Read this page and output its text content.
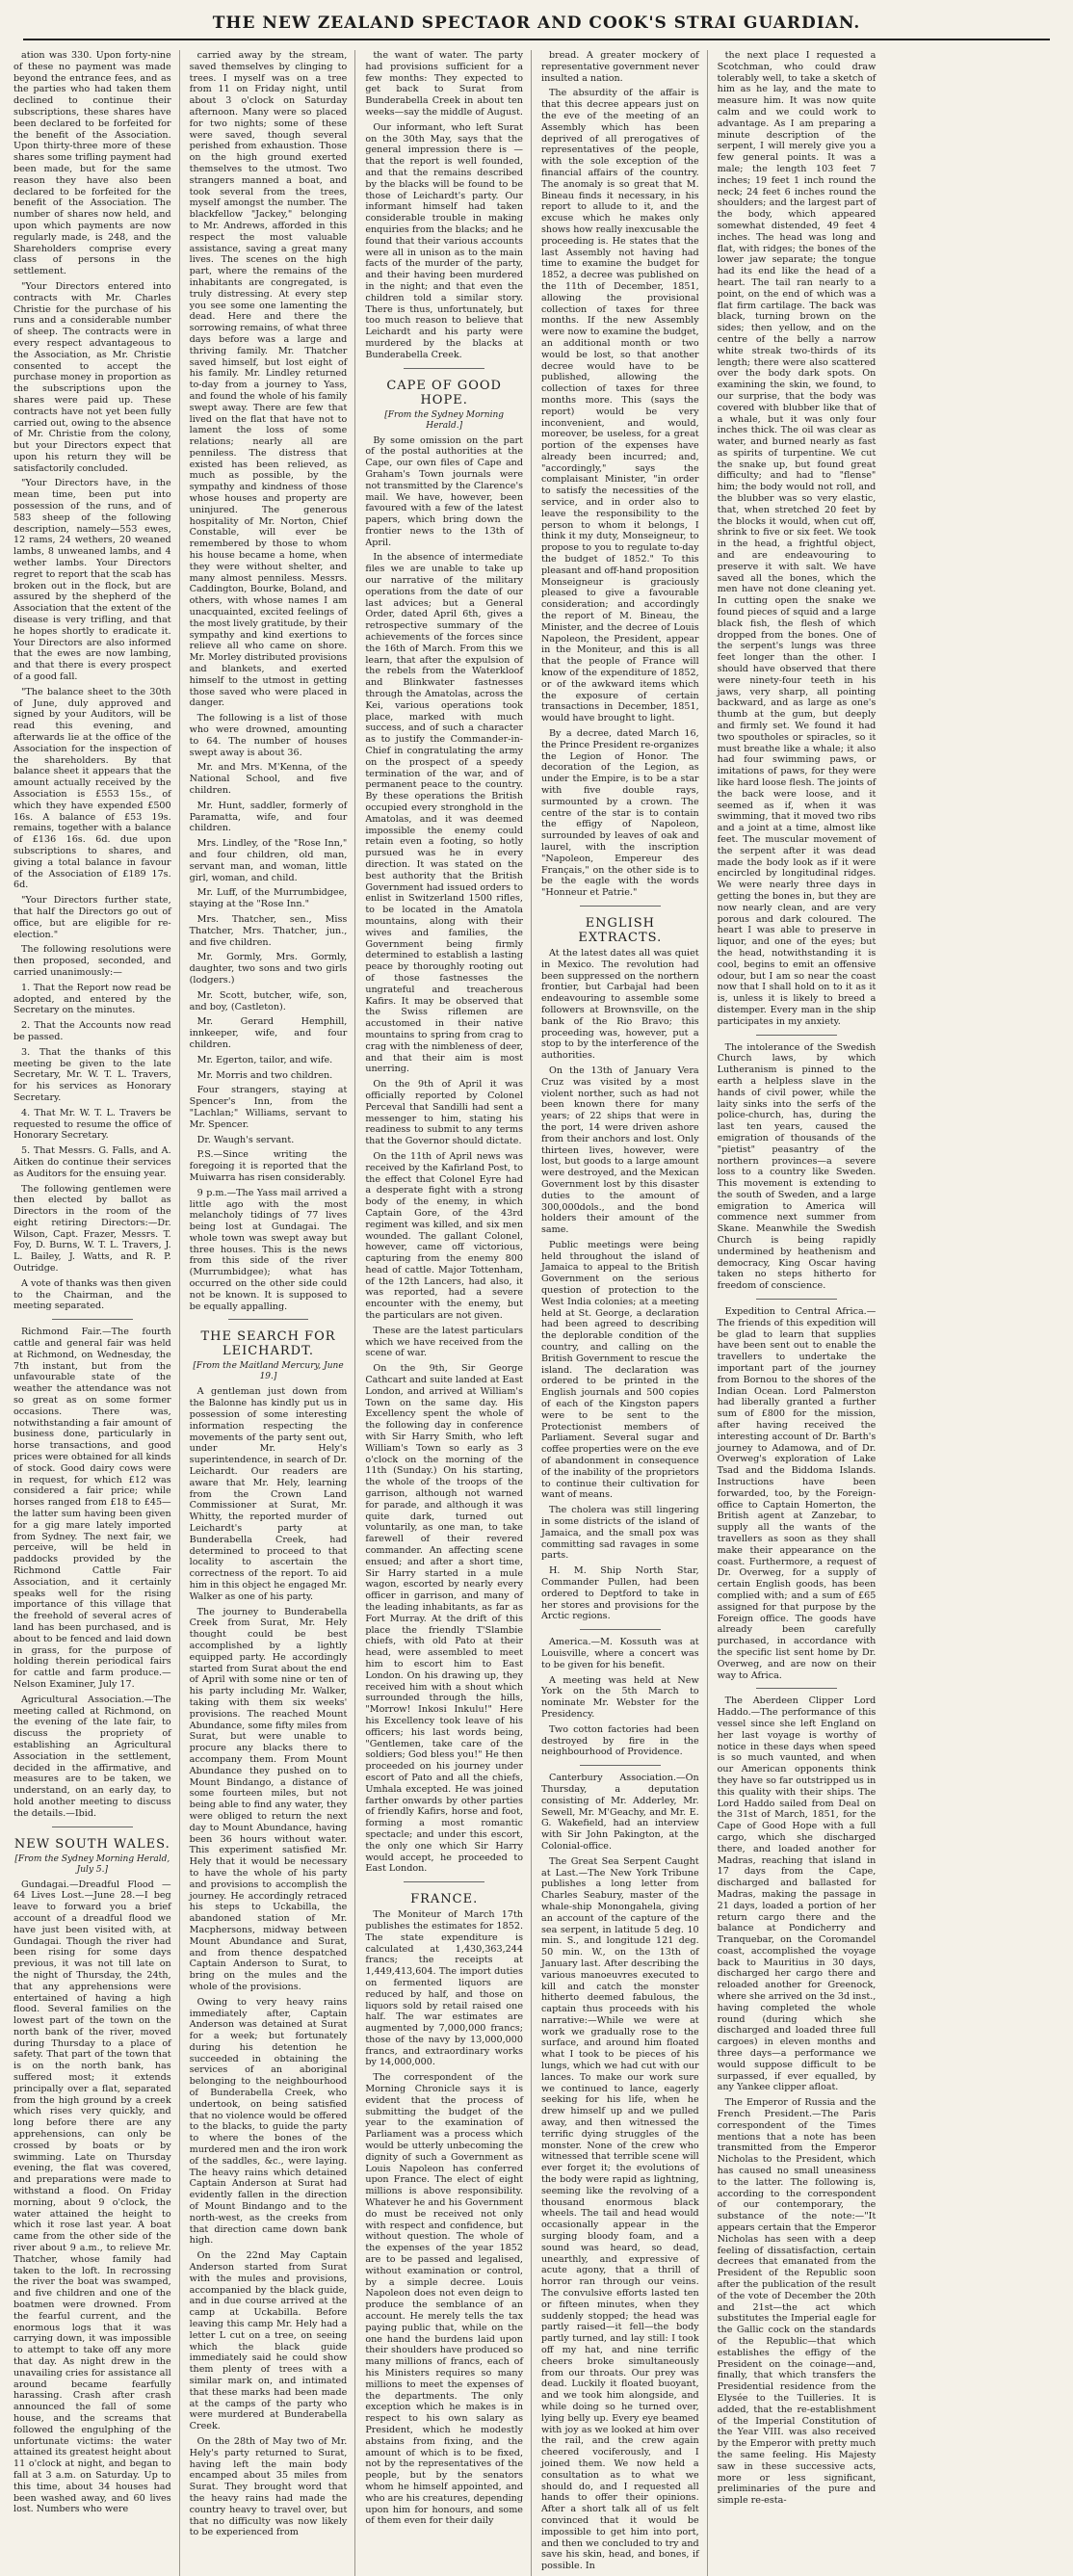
THE NEW ZEALAND SPECTAOR AND COOK'S STRAI GUARDIAN.

ation was 330. Upon forty-nine of these no payment was made beyond the entrance fees, and as the parties who had taken them declined to continue their subscriptions, these shares have been declared to be forfeited for the benefit of the Association. Upon thirty-three more of these shares some trifling payment had been made, but for the same reason they have also been declared to be forfeited for the benefit of the Association. The number of shares now held, and upon which payments are now regularly made, is 248, and the Shareholders comprise every class of persons in the settlement.

"Your Directors entered into contracts with Mr. Charles Christie for the purchase of his runs and a considerable number of sheep. The contracts were in every respect advantageous to the Association, as Mr. Christie consented to accept the purchase money in proportion as the subscriptions upon the shares were paid up. These contracts have not yet been fully carried out, owing to the absence of Mr. Christie from the colony, but your Directors expect that upon his return they will be satisfactorily concluded.

"Your Directors have, in the mean time, been put into possession of the runs, and of 583 sheep of the following description, namely—553 ewes, 12 rams, 24 wethers, 20 weaned lambs, 8 unweaned lambs, and 4 wether lambs. Your Directors regret to report that the scab has broken out in the flock, but are assured by the shepherd of the Association that the extent of the disease is very trifling, and that he hopes shortly to eradicate it. Your Directors are also informed that the ewes are now lambing, and that there is every prospect of a good fall.

"The balance sheet to the 30th of June, duly approved and signed by your Auditors, will be read this evening, and afterwards lie at the office of the Association for the inspection of the shareholders. By that balance sheet it appears that the amount actually received by the Association is £553 15s., of which they have expended £500 16s. A balance of £53 19s. remains, together with a balance of £136 16s. 6d. due upon subscriptions to shares, and giving a total balance in favour of the Association of £189 17s. 6d.

"Your Directors further state, that half the Directors go out of office, but are eligible for re-election."

The following resolutions were then proposed, seconded, and carried unanimously:—

1. That the Report now read be adopted, and entered by the Secretary on the minutes.

2. That the Accounts now read be passed.

3. That the thanks of this meeting be given to the late Secretary, Mr. W. T. L. Travers, for his services as Honorary Secretary.

4. That Mr. W. T. L. Travers be requested to resume the office of Honorary Secretary.

5. That Messrs. G. Falls, and A. Aitken do continue their services as Auditors for the ensuing year.

The following gentlemen were then elected by ballot as Directors in the room of the eight retiring Directors:—Dr. Wilson, Capt. Frazer, Messrs. T. Foy, D. Burns, W. T. L. Travers, J. L. Bailey, J. Watts, and R. P. Outridge.

A vote of thanks was then given to the Chairman, and the meeting separated.

Richmond Fair.—The fourth cattle and general fair was held at Richmond, on Wednesday, the 7th instant, but from the unfavourable state of the weather the attendance was not so great as on some former occasions. There was, notwithstanding a fair amount of business done, particularly in horse transactions, and good prices were obtained for all kinds of stock. Good dairy cows were in request, for which £12 was considered a fair price; while horses ranged from £18 to £45—the latter sum having been given for a gig mare lately imported from Sydney. The next fair, we perceive, will be held in paddocks provided by the Richmond Cattle Fair Association, and it certainly speaks well for the rising importance of this village that the freehold of several acres of land has been purchased, and is about to be fenced and laid down in grass, for the purpose of holding therein periodical fairs for cattle and farm produce.—Nelson Examiner, July 17.

Agricultural Association.—The meeting called at Richmond, on the evening of the late fair, to discuss the propriety of establishing an Agricultural Association in the settlement, decided in the affirmative, and measures are to be taken, we understand, on an early day, to hold another meeting to discuss the details.—Ibid.

NEW SOUTH WALES.
[From the Sydney Morning Herald, July 5.]

Gundagai.—Dreadful Flood — 64 Lives Lost.—June 28.—I beg leave to forward you a brief account of a dreadful flood we have just been visited with, at Gundagai. Though the river had been rising for some days previous, it was not till late on the night of Thursday, the 24th, that any apprehensions were entertained of having a high flood. Several families on the lowest part of the town on the north bank of the river, moved during Thursday to a place of safety. That part of the town that is on the north bank, has suffered most; it extends principally over a flat, separated from the high ground by a creek which rises very quickly, and long before there are any apprehensions, can only be crossed by boats or by swimming. Late on Thursday evening, the flat was covered, and preparations were made to withstand a flood. On Friday morning, about 9 o'clock, the water attained the height to which it rose last year. A boat came from the other side of the river about 9 a.m., to relieve Mr. Thatcher, whose family had taken to the loft. In recrossing the river the boat was swamped, and five children and one of the boatmen were drowned. From the fearful current, and the enormous logs that it was carrying down, it was impossible to attempt to take off any more that day. As night drew in the unavailing cries for assistance all around became fearfully harassing. Crash after crash announced the fall of some house, and the screams that followed the engulphing of the unfortunate victims: the water attained its greatest height about 11 o'clock at night, and began to fall at 3 a.m. on Saturday. Up to this time, about 34 houses had been washed away, and 60 lives lost. Numbers who were

carried away by the stream, saved themselves by clinging to trees. I myself was on a tree from 11 on Friday night, until about 3 o'clock on Saturday afternoon. Many were so placed for two nights; some of these were saved, though several perished from exhaustion. Those on the high ground exerted themselves to the utmost. Two strangers manned a boat, and took several from the trees, myself amongst the number. The blackfellow "Jackey," belonging to Mr. Andrews, afforded in this respect the most valuable assistance, saving a great many lives. The scenes on the high part, where the remains of the inhabitants are congregated, is truly distressing. At every step you see some one lamenting the dead. Here and there the sorrowing remains, of what three days before was a large and thriving family. Mr. Thatcher saved himself, but lost eight of his family. Mr. Lindley returned to-day from a journey to Yass, and found the whole of his family swept away. There are few that lived on the flat that have not to lament the loss of some relations; nearly all are penniless. The distress that existed has been relieved, as much as possible, by the sympathy and kindness of those whose houses and property are uninjured. The generous hospitality of Mr. Norton, Chief Constable, will ever be remembered by those to whom his house became a home, when they were without shelter, and many almost penniless. Messrs. Caddington, Bourke, Boland, and others, with whose names I am unacquainted, excited feelings of the most lively gratitude, by their sympathy and kind exertions to relieve all who came on shore. Mr. Morley distributed provisions and blankets, and exerted himself to the utmost in getting those saved who were placed in danger.

The following is a list of those who were drowned, amounting to 64. The number of houses swept away is about 36.

Mr. and Mrs. M'Kenna, of the National School, and five children.

Mr. Hunt, saddler, formerly of Paramatta, wife, and four children.

Mrs. Lindley, of the "Rose Inn," and four children, old man, servant man, and woman, little girl, woman, and child.

Mr. Luff, of the Murrumbidgee, staying at the "Rose Inn."

Mrs. Thatcher, sen., Miss Thatcher, Mrs. Thatcher, jun., and five children.

Mr. Gormly, Mrs. Gormly, daughter, two sons and two girls (lodgers.)

Mr. Scott, butcher, wife, son, and boy, (Castleton).

Mr. Gerard Hemphill, innkeeper, wife, and four children.

Mr. Egerton, tailor, and wife.

Mr. Morris and two children.

Four strangers, staying at Spencer's Inn, from the "Lachlan;" Williams, servant to Mr. Spencer.

Dr. Waugh's servant.

P.S.—Since writing the foregoing it is reported that the Muiwarra has risen considerably.

9 p.m.—The Yass mail arrived a little ago with the most melancholy tidings of 77 lives being lost at Gundagai. The whole town was swept away but three houses. This is the news from this side of the river (Murrumbidgee); what has occurred on the other side could not be known. It is supposed to be equally appalling.

THE SEARCH FOR LEICHARDT.
[From the Maitland Mercury, June 19.]

A gentleman just down from the Balonne has kindly put us in possession of some interesting information respecting the movements of the party sent out, under Mr. Hely's superintendence, in search of Dr. Leichardt. Our readers are aware that Mr. Hely, learning from the Crown Land Commissioner at Surat, Mr. Whitty, the reported murder of Leichardt's party at Bunderabella Creek, had determined to proceed to that locality to ascertain the correctness of the report. To aid him in this object he engaged Mr. Walker as one of his party.

The journey to Bunderabella Creek from Surat, Mr. Hely thought could be best accomplished by a lightly equipped party. He accordingly started from Surat about the end of April with some nine or ten of his party including Mr. Walker, taking with them six weeks' provisions. The reached Mount Abundance, some fifty miles from Surat, but were unable to procure any blacks there to accompany them. From Mount Abundance they pushed on to Mount Bindango, a distance of some fourteen miles, but not being able to find any water, they were obliged to return the next day to Mount Abundance, having been 36 hours without water. This experiment satisfied Mr. Hely that it would be necessary to have the whole of his party and provisions to accomplish the journey. He accordingly retraced his steps to Uckabilla, the abandoned station of Mr. Macphersons, midway between Mount Abundance and Surat, and from thence despatched Captain Anderson to Surat, to bring on the mules and the whole of the provisions.

Owing to very heavy rains immediately after, Captain Anderson was detained at Surat for a week; but fortunately during his detention he succeeded in obtaining the services of an aboriginal belonging to the neighbourhood of Bunderabella Creek, who undertook, on being satisfied that no violence would be offered to the blacks, to guide the party to where the bones of the murdered men and the iron work of the saddles, &c., were laying. The heavy rains which detained Captain Anderson at Surat had evidently fallen in the direction of Mount Bindango and to the north-west, as the creeks from that direction came down bank high.

On the 22nd May Captain Anderson started from Surat with the mules and provisions, accompanied by the black guide, and in due course arrived at the camp at Uckabilla. Before leaving this camp Mr. Hely had a letter L cut on a tree, on seeing which the black guide immediately said he could show them plenty of trees with a similar mark on, and intimated that these marks had been made at the camps of the party who were murdered at Bunderabella Creek.

On the 28th of May two of Mr. Hely's party returned to Surat, having left the main body encamped about 35 miles from Surat. They brought word that the heavy rains had made the country heavy to travel over, but that no difficulty was now likely to be experienced from

the want of water. The party had provisions sufficient for a few months: They expected to get back to Surat from Bunderabella Creek in about ten weeks—say the middle of August.

Our informant, who left Surat on the 30th May, says that the general impression there is —that the report is well founded, and that the remains described by the blacks will be found to be those of Leichardt's party. Our informant himself had taken considerable trouble in making enquiries from the blacks; and he found that their various accounts were all in unison as to the main facts of the murder of the party, and their having been murdered in the night; and that even the children told a similar story. There is thus, unfortunately, but too much reason to believe that Leichardt and his party were murdered by the blacks at Bunderabella Creek.

CAPE OF GOOD HOPE.
[From the Sydney Morning Herald.]

By some omission on the part of the postal authorities at the Cape, our own files of Cape and Graham's Town journals were not transmitted by the Clarence's mail. We have, however, been favoured with a few of the latest papers, which bring down the frontier news to the 13th of April.

In the absence of intermediate files we are unable to take up our narrative of the military operations from the date of our last advices; but a General Order, dated April 6th, gives a retrospective summary of the achievements of the forces since the 16th of March. From this we learn, that after the expulsion of the rebels from the Waterkloof and Blinkwater fastnesses through the Amatolas, across the Kei, various operations took place, marked with much success, and of such a character as to justify the Commander-in-Chief in congratulating the army on the prospect of a speedy termination of the war, and of permanent peace to the country. By these operations the British occupied every stronghold in the Amatolas, and it was deemed impossible the enemy could retain even a footing, so hotly pursued was he in every direction. It was stated on the best authority that the British Government had issued orders to enlist in Switzerland 1500 rifles, to be located in the Amatola mountains, along with their wives and families, the Government being firmly determined to establish a lasting peace by thoroughly rooting out of those fastnesses the ungrateful and treacherous Kafirs. It may be observed that the Swiss riflemen are accustomed in their native mountains to spring from crag to crag with the nimbleness of deer, and that their aim is most unerring.

On the 9th of April it was officially reported by Colonel Perceval that Sandilli had sent a messenger to him, stating his readiness to submit to any terms that the Governor should dictate.

On the 11th of April news was received by the Kafirland Post, to the effect that Colonel Eyre had a desperate fight with a strong body of the enemy, in which Captain Gore, of the 43rd regiment was killed, and six men wounded. The gallant Colonel, however, came off victorious, capturing from the enemy 800 head of cattle. Major Tottenham, of the 12th Lancers, had also, it was reported, had a severe encounter with the enemy, but the particulars are not given.

These are the latest particulars which we have received from the scene of war.

On the 9th, Sir George Cathcart and suite landed at East London, and arrived at William's Town on the same day. His Excellency spent the whole of the following day in conference with Sir Harry Smith, who left William's Town so early as 3 o'clock on the morning of the 11th (Sunday.) On his starting, the whole of the troops of the garrison, although not warned for parade, and although it was quite dark, turned out voluntarily, as one man, to take farewell of their revered commander. An affecting scene ensued; and after a short time, Sir Harry started in a mule wagon, escorted by nearly every officer in garrison, and many of the leading inhabitants, as far as Fort Murray. At the drift of this place the friendly T'Slambie chiefs, with old Pato at their head, were assembled to meet him to escort him to East London. On his drawing up, they received him with a shout which surrounded through the hills, "Morrow! Inkosi Inkulu!" Here his Excellency took leave of his officers; his last words being, "Gentlemen, take care of the soldiers; God bless you!" He then proceeded on his journey under escort of Pato and all the chiefs, Umhala excepted. He was joined farther onwards by other parties of friendly Kafirs, horse and foot, forming a most romantic spectacle; and under this escort, the only one which Sir Harry would accept, he proceeded to East London.

FRANCE.

The Moniteur of March 17th publishes the estimates for 1852. The state expenditure is calculated at 1,430,363,244 francs; the receipts at 1,449,413,604. The import duties on fermented liquors are reduced by half, and those on liquors sold by retail raised one half. The war estimates are augmented by 7,000,000 francs; those of the navy by 13,000,000 francs, and extraordinary works by 14,000,000.

The correspondent of the Morning Chronicle says it is evident that the process of submitting the budget of the year to the examination of Parliament was a process which would be utterly unbecoming the dignity of such a Government as Louis Napoleon has conferred upon France. The elect of eight millions is above responsibility. Whatever he and his Government do must be received not only with respect and confidence, but without question. The whole of the expenses of the year 1852 are to be passed and legalised, without examination or control, by a simple decree. Louis Napoleon does not even deign to produce the semblance of an account. He merely tells the tax paying public that, while on the one hand the burdens laid upon their shoulders have produced so many millions of francs, each of his Ministers requires so many millions to meet the expenses of the departments. The only exception which he makes is in respect to his own salary as President, which he modestly abstains from fixing, and the amount of which is to be fixed, not by the representatives of the people, but by the senators whom he himself appointed, and who are his creatures, depending upon him for honours, and some of them even for their daily

bread. A greater mockery of representative government never insulted a nation.

The absurdity of the affair is that this decree appears just on the eve of the meeting of an Assembly which has been deprived of all prerogatives of representatives of the people, with the sole exception of the financial affairs of the country. The anomaly is so great that M. Bineau finds it necessary, in his report to allude to it, and the excuse which he makes only shows how really inexcusable the proceeding is. He states that the last Assembly not having had time to examine the budget for 1852, a decree was published on the 11th of December, 1851, allowing the provisional collection of taxes for three months. If the new Assembly were now to examine the budget, an additional month or two would be lost, so that another decree would have to be published, allowing the collection of taxes for three months more. This (says the report) would be very inconvenient, and would, moreover, be useless, for a great portion of the expenses have already been incurred; and, "accordingly," says the complaisant Minister, "in order to satisfy the necessities of the service, and in order also to leave the responsibility to the person to whom it belongs, I think it my duty, Monseigneur, to propose to you to regulate to-day the budget of 1852." To this pleasant and off-hand proposition Monseigneur is graciously pleased to give a favourable consideration; and accordingly the report of M. Bineau, the Minister, and the decree of Louis Napoleon, the President, appear in the Moniteur, and this is all that the people of France will know of the expenditure of 1852, or of the awkward items which the exposure of certain transactions in December, 1851, would have brought to light.

By a decree, dated March 16, the Prince President re-organizes the Legion of Honor. The decoration of the Legion, as under the Empire, is to be a star with five double rays, surmounted by a crown. The centre of the star is to contain the effigy of Napoleon, surrounded by leaves of oak and laurel, with the inscription "Napoleon, Empereur des Français," on the other side is to be the eagle with the words "Honneur et Patrie."

ENGLISH EXTRACTS.

At the latest dates all was quiet in Mexico. The revolution had been suppressed on the northern frontier, but Carbajal had been endeavouring to assemble some followers at Brownsville, on the bank of the Rio Bravo; this proceeding was, however, put a stop to by the interference of the authorities.

On the 13th of January Vera Cruz was visited by a most violent norther, such as had not been known there for many years; of 22 ships that were in the port, 14 were driven ashore from their anchors and lost. Only thirteen lives, however, were lost, but goods to a large amount were destroyed, and the Mexican Government lost by this disaster duties to the amount of 300,000dols., and the bond holders their amount of the same.

Public meetings were being held throughout the island of Jamaica to appeal to the British Government on the serious question of protection to the West India colonies; at a meeting held at St. George, a declaration had been agreed to describing the deplorable condition of the country, and calling on the British Government to rescue the island. The declaration was ordered to be printed in the English journals and 500 copies of each of the Kingston papers were to be sent to the Protectionist members of Parliament. Several sugar and coffee properties were on the eve of abandonment in consequence of the inability of the proprietors to continue their cultivation for want of means.

The cholera was still lingering in some districts of the island of Jamaica, and the small pox was committing sad ravages in some parts.

H. M. Ship North Star, Commander Pullen, had been ordered to Deptford to take in her stores and provisions for the Arctic regions.

America.—M. Kossuth was at Louisville, where a concert was to be given for his benefit.

A meeting was held at New York on the 5th March to nominate Mr. Webster for the Presidency.

Two cotton factories had been destroyed by fire in the neighbourhood of Providence.

Canterbury Association.—On Thursday, a deputation consisting of Mr. Adderley, Mr. Sewell, Mr. M'Geachy, and Mr. E. G. Wakefield, had an interview with Sir John Pakington, at the Colonial-office.

The Great Sea Serpent Caught at Last.—The New York Tribune publishes a long letter from Charles Seabury, master of the whale-ship Monongahela, giving an account of the capture of the sea serpent, in latitude 5 deg. 10 min. S., and longitude 121 deg. 50 min. W., on the 13th of January last. After describing the various manoeuvres executed to kill and catch the monster hitherto deemed fabulous, the captain thus proceeds with his narrative:—While we were at work we gradually rose to the surface, and around him floated what I took to be pieces of his lungs, which we had cut with our lances. To make our work sure we continued to lance, eagerly seeking for his life, when he drew himself up and we pulled away, and then witnessed the terrific dying struggles of the monster. None of the crew who witnessed that terrible scene will ever forget it; the evolutions of the body were rapid as lightning, seeming like the revolving of a thousand enormous black wheels. The tail and head would occasionally appear in the surging bloody foam, and a sound was heard, so dead, unearthly, and expressive of acute agony, that a thrill of horror ran through our veins. The convulsive efforts lasted ten or fifteen minutes, when they suddenly stopped; the head was partly raised—it fell—the body partly turned, and lay still: I took off my hat, and nine terrific cheers broke simultaneously from our throats. Our prey was dead. Luckily it floated buoyant, and we took him alongside, and while doing so he turned over, lying belly up. Every eye beamed with joy as we looked at him over the rail, and the crew again cheered vociferously, and I joined them. We now held a consultation as to what we should do, and I requested all hands to offer their opinions. After a short talk all of us felt convinced that it would be impossible to get him into port, and then we concluded to try and save his skin, head, and bones, if possible. In

the next place I requested a Scotchman, who could draw tolerably well, to take a sketch of him as he lay, and the mate to measure him. It was now quite calm and we could work to advantage. As I am preparing a minute description of the serpent, I will merely give you a few general points. It was a male; the length 103 feet 7 inches; 19 feet 1 inch round the neck; 24 feet 6 inches round the shoulders; and the largest part of the body, which appeared somewhat distended, 49 feet 4 inches. The head was long and flat, with ridges; the bones of the lower jaw separate; the tongue had its end like the head of a heart. The tail ran nearly to a point, on the end of which was a flat firm cartilage. The back was black, turning brown on the sides; then yellow, and on the centre of the belly a narrow white streak two-thirds of its length; there were also scattered over the body dark spots. On examining the skin, we found, to our surprise, that the body was covered with blubber like that of a whale, but it was only four inches thick. The oil was clear as water, and burned nearly as fast as spirits of turpentine. We cut the snake up, but found great difficulty; and had to "flense" him; the body would not roll, and the blubber was so very elastic, that, when stretched 20 feet by the blocks it would, when cut off, shrink to five or six feet. We took in the head, a frightful object, and are endeavouring to preserve it with salt. We have saved all the bones, which the men have not done cleaning yet. In cutting open the snake we found pieces of squid and a large black fish, the flesh of which dropped from the bones. One of the serpent's lungs was three feet longer than the other. I should have observed that there were ninety-four teeth in his jaws, very sharp, all pointing backward, and as large as one's thumb at the gum, but deeply and firmly set. We found it had two spoutholes or spiracles, so it must breathe like a whale; it also had four swimming paws, or imitations of paws, for they were like hard loose flesh. The joints of the back were loose, and it seemed as if, when it was swimming, that it moved two ribs and a joint at a time, almost like feet. The muscular movement of the serpent after it was dead made the body look as if it were encircled by longitudinal ridges. We were nearly three days in getting the bones in, but they are now nearly clean, and are very porous and dark coloured. The heart I was able to preserve in liquor, and one of the eyes; but the head, notwithstanding it is cool, begins to emit an offensive odour, but I am so near the coast now that I shall hold on to it as it is, unless it is likely to breed a distemper. Every man in the ship participates in my anxiety.

The intolerance of the Swedish Church laws, by which Lutheranism is pinned to the earth a helpless slave in the hands of civil power, while the laity sinks into the serfs of the police-church, has, during the last ten years, caused the emigration of thousands of the "pietist" peasantry of the northern provinces—a severe loss to a country like Sweden. This movement is extending to the south of Sweden, and a large emigration to America will commence next summer from Skane. Meanwhile the Swedish Church is being rapidly undermined by heathenism and democracy, King Oscar having taken no steps hitherto for freedom of conscience.

Expedition to Central Africa.—The friends of this expedition will be glad to learn that supplies have been sent out to enable the travellers to undertake the important part of the journey from Bornou to the shores of the Indian Ocean. Lord Palmerston had liberally granted a further sum of £800 for the mission, after having received the interesting account of Dr. Barth's journey to Adamowa, and of Dr. Overweg's exploration of Lake Tsad and the Biddoma Islands. Instructions have been forwarded, too, by the Foreign-office to Captain Homerton, the British agent at Zanzebar, to supply all the wants of the travellers as soon as they shall make their appearance on the coast. Furthermore, a request of Dr. Overweg, for a supply of certain English goods, has been complied with; and a sum of £65 assigned for that purpose by the Foreign office. The goods have already been carefully purchased, in accordance with the specific list sent home by Dr. Overweg, and are now on their way to Africa.

The Aberdeen Clipper Lord Haddo.—The performance of this vessel since she left England on her last voyage is worthy of notice in these days when speed is so much vaunted, and when our American opponents think they have so far outstripped us in this quality with their ships. The Lord Haddo sailed from Deal on the 31st of March, 1851, for the Cape of Good Hope with a full cargo, which she discharged there, and loaded another for Madras, reaching that island in 17 days from the Cape, discharged and ballasted for Madras, making the passage in 21 days, loaded a portion of her return cargo there and the balance at Pondicherry and Tranquebar, on the Coromandel coast, accomplished the voyage back to Mauritius in 30 days, discharged her cargo there and reloaded another for Greenock, where she arrived on the 3d inst., having completed the whole round (during which she discharged and loaded three full cargoes) in eleven months and three days—a performance we would suppose difficult to be surpassed, if ever equalled, by any Yankee clipper afloat.

The Emperor of Russia and the French President.—The Paris correspondent of the Times mentions that a note has been transmitted from the Emperor Nicholas to the President, which has caused no small uneasiness to the latter. The following is, according to the correspondent of our contemporary, the substance of the note:—"It appears certain that the Emperor Nicholas has seen with a deep feeling of dissatisfaction, certain decrees that emanated from the President of the Republic soon after the publication of the result of the vote of December the 20th and 21st—the act which substitutes the Imperial eagle for the Gallic cock on the standards of the Republic—that which establishes the effigy of the President on the coinage—and, finally, that which transfers the Presidential residence from the Elysée to the Tuilleries. It is added, that the re-establishment of the Imperial Constitution of the Year VIII. was also received by the Emperor with pretty much the same feeling. His Majesty saw in these successive acts, more or less significant, preliminaries of the pure and simple re-esta-
